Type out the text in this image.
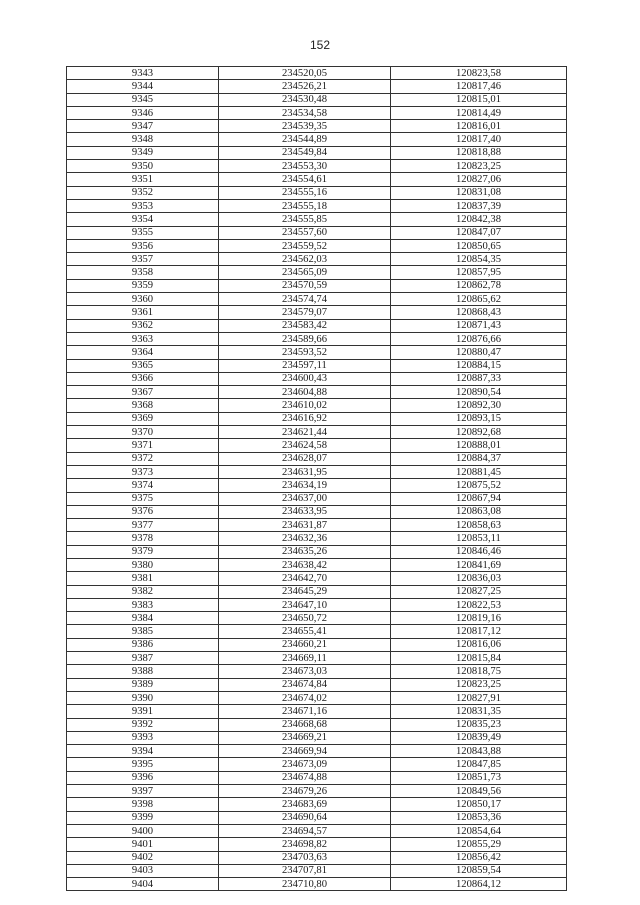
152
9343	234520,05	120823,58
9344	234526,21	120817,46
9345	234530,48	120815,01
9346	234534,58	120814,49
9347	234539,35	120816,01
9348	234544,89	120817,40
9349	234549,84	120818,88
9350	234553,30	120823,25
9351	234554,61	120827,06
9352	234555,16	120831,08
9353	234555,18	120837,39
9354	234555,85	120842,38
9355	234557,60	120847,07
9356	234559,52	120850,65
9357	234562,03	120854,35
9358	234565,09	120857,95
9359	234570,59	120862,78
9360	234574,74	120865,62
9361	234579,07	120868,43
9362	234583,42	120871,43
9363	234589,66	120876,66
9364	234593,52	120880,47
9365	234597,11	120884,15
9366	234600,43	120887,33
9367	234604,88	120890,54
9368	234610,02	120892,30
9369	234616,92	120893,15
9370	234621,44	120892,68
9371	234624,58	120888,01
9372	234628,07	120884,37
9373	234631,95	120881,45
9374	234634,19	120875,52
9375	234637,00	120867,94
9376	234633,95	120863,08
9377	234631,87	120858,63
9378	234632,36	120853,11
9379	234635,26	120846,46
9380	234638,42	120841,69
9381	234642,70	120836,03
9382	234645,29	120827,25
9383	234647,10	120822,53
9384	234650,72	120819,16
9385	234655,41	120817,12
9386	234660,21	120816,06
9387	234669,11	120815,84
9388	234673,03	120818,75
9389	234674,84	120823,25
9390	234674,02	120827,91
9391	234671,16	120831,35
9392	234668,68	120835,23
9393	234669,21	120839,49
9394	234669,94	120843,88
9395	234673,09	120847,85
9396	234674,88	120851,73
9397	234679,26	120849,56
9398	234683,69	120850,17
9399	234690,64	120853,36
9400	234694,57	120854,64
9401	234698,82	120855,29
9402	234703,63	120856,42
9403	234707,81	120859,54
9404	234710,80	120864,12
